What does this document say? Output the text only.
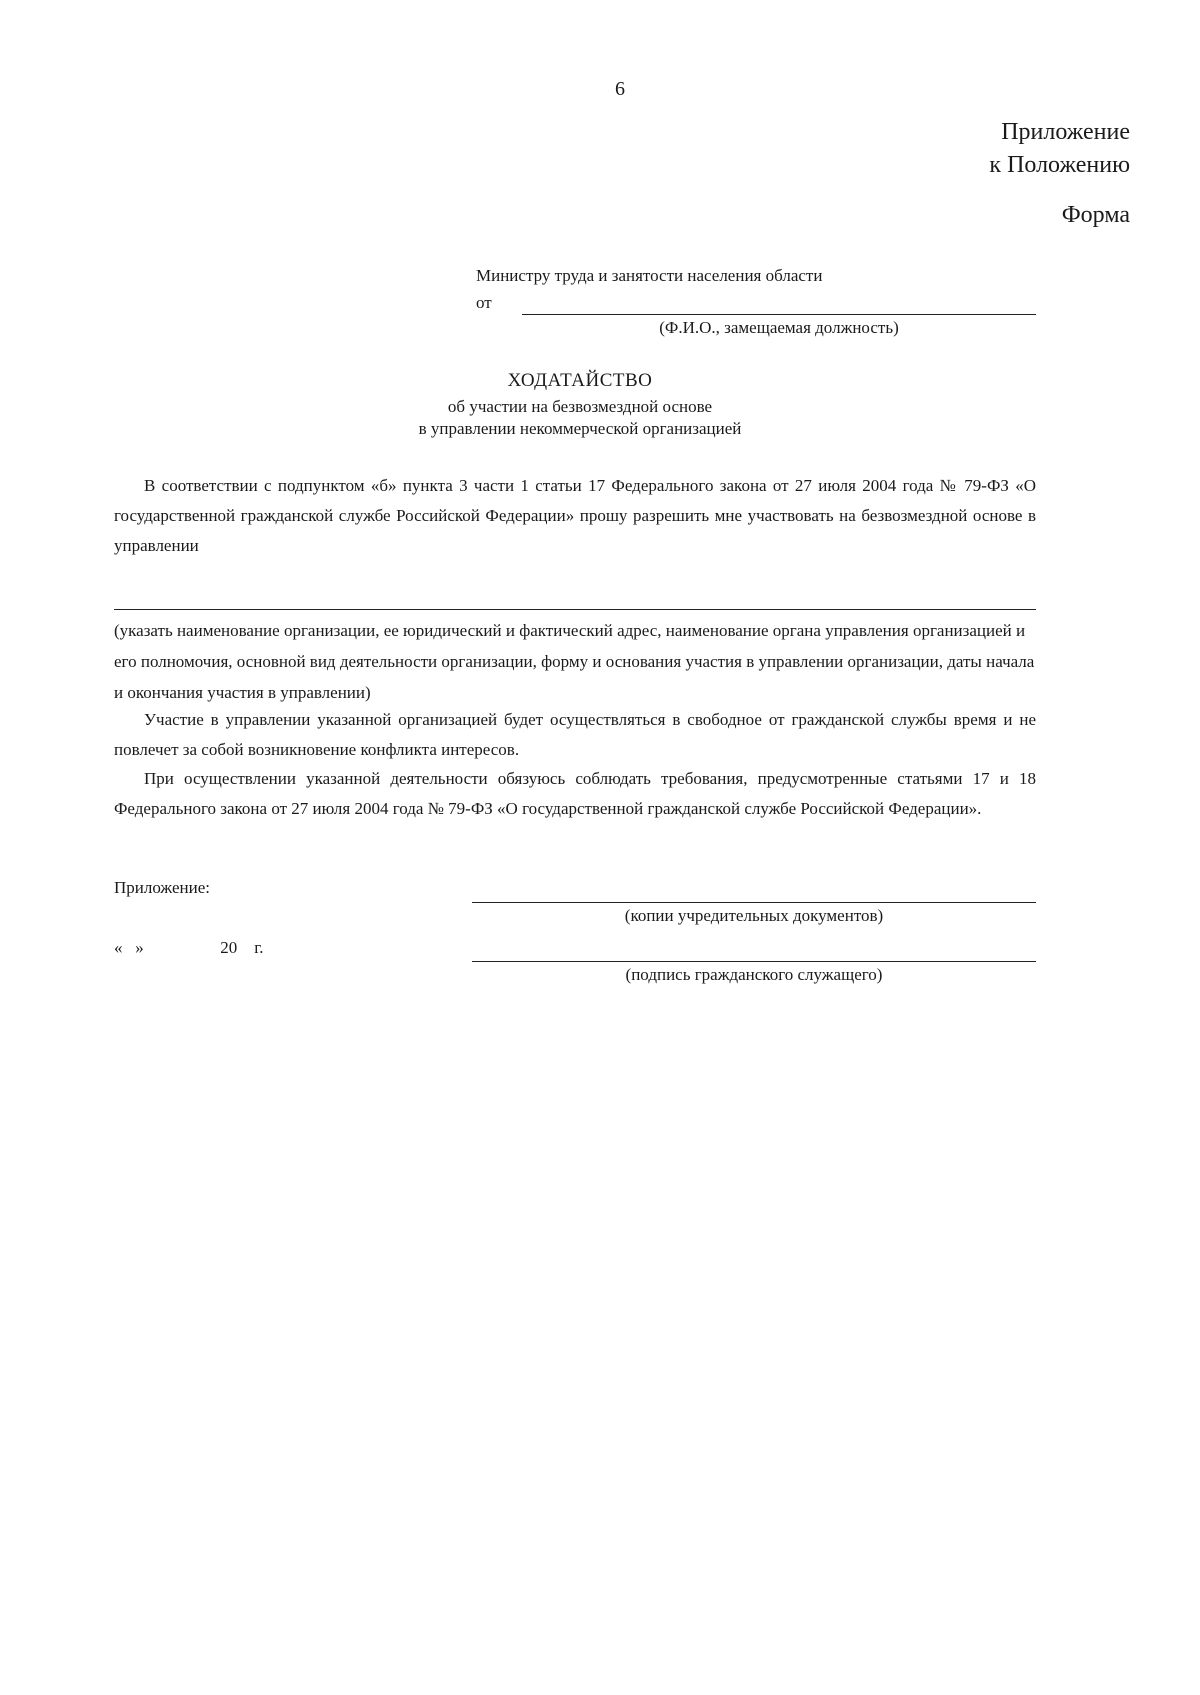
6
Приложение
к Положению
Форма
Министру труда и занятости населения области
от
(Ф.И.О., замещаемая должность)
ХОДАТАЙСТВО
об участии на безвозмездной основе
в управлении некоммерческой организацией
В соответствии с подпунктом «б» пункта 3 части 1 статьи 17 Федерального закона от 27 июля 2004 года № 79-ФЗ «О государственной гражданской службе Российской Федерации» прошу разрешить мне участвовать на безвозмездной основе в управлении
(указать наименование организации, ее юридический и фактический адрес, наименование органа управления организацией и его полномочия, основной вид деятельности организации, форму и основания участия в управлении организации, даты начала и окончания участия в управлении)
Участие в управлении указанной организацией будет осуществляться в свободное от гражданской службы время и не повлечет за собой возникновение конфликта интересов.
При осуществлении указанной деятельности обязуюсь соблюдать требования, предусмотренные статьями 17 и 18 Федерального закона от 27 июля 2004 года № 79-ФЗ «О государственной гражданской службе Российской Федерации».
Приложение:
(копии учредительных документов)
«   »                  20    г.
(подпись гражданского служащего)
